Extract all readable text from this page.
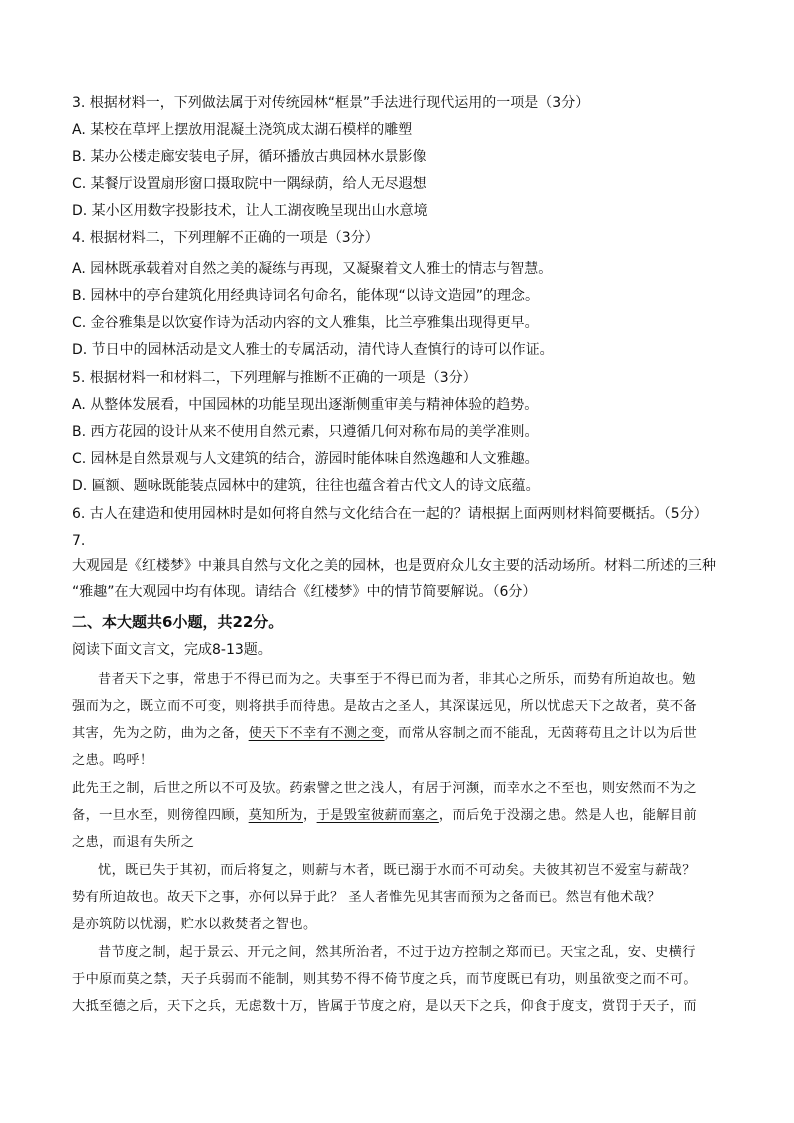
3. 根据材料一，下列做法属于对传统园林“框景”手法进行现代运用的一项是（3分）
A. 某校在草坪上摆放用混凝土浇筑成太湖石模样的雕塑
B. 某办公楼走廊安装电子屏，循环播放古典园林水景影像
C. 某餐厅设置扇形窗口摄取院中一隅绿荫，给人无尽遐想
D. 某小区用数字投影技术，让人工湖夜晚呈现出山水意境
4. 根据材料二，下列理解不正确的一项是（3分）
A. 园林既承载着对自然之美的凝练与再现，又凝聚着文人雅士的情志与智慧。
B. 园林中的亭台建筑化用经典诗词名句命名，能体现“以诗文造园”的理念。
C. 金谷雅集是以饮宴作诗为活动内容的文人雅集，比兰亭雅集出现得更早。
D. 节日中的园林活动是文人雅士的专属活动，清代诗人查慎行的诗可以作证。
5. 根据材料一和材料二，下列理解与推断不正确的一项是（3分）
A. 从整体发展看，中国园林的功能呈现出逐渐侧重审美与精神体验的趋势。
B. 西方花园的设计从来不使用自然元素，只遵循几何对称布局的美学准则。
C. 园林是自然景观与人文建筑的结合，游园时能体味自然逸趣和人文雅趣。
D. 匾额、题咏既能装点园林中的建筑，往往也蕴含着古代文人的诗文底蕴。
6. 古人在建造和使用园林时是如何将自然与文化结合在一起的？请根据上面两则材料简要概括。（5分）
7.
大观园是《红楼梦》中兼具自然与文化之美的园林，也是贾府众儿女主要的活动场所。材料二所述的三种
“雅趣”在大观园中均有体现。请结合《红楼梦》中的情节简要解说。（6分）
二、本大题共6小题，共22分。
阅读下面文言文，完成8-13题。
昔者天下之事，常患于不得已而为之。夫事至于不得已而为者，非其心之所乐，而势有所迫故也。勉
强而为之，既立而不可变，则将拱手而待患。是故古之圣人，其深谋远见，所以忧虑天下之故者，莫不备
其害，先为之防，曲为之备，使天下不幸有不测之变，而常从容制之而不能乱，无茵蒋苟且之计以为后世
之患。呜呼！
此先王之制，后世之所以不可及欤。药索譬之世之浅人，有居于河濒，而幸水之不至也，则安然而不为之
备，一旦水至，则徬徨四顾，莫知所为，于是毁室彼薪而塞之，而后免于没溺之患。然是人也，能解目前
之患，而退有失所之
忧，既已失于其初，而后将复之，则薪与木者，既已溺于水而不可动矣。夫彼其初岂不爱室与薪哉？
势有所迫故也。故天下之事，亦何以异于此？ 圣人者惟先见其害而预为之备而已。然岂有他术哉？
是亦筑防以忧溺，贮水以救焚者之智也。
昔节度之制，起于景云、开元之间，然其所治者，不过于边方控制之郑而已。天宝之乱，安、史横行
于中原而莫之禁，天子兵弱而不能制，则其势不得不倚节度之兵，而节度既已有功，则虽欲变之而不可。
大抵至德之后，天下之兵，无虑数十万，皆属于节度之府，是以天下之兵，仰食于度支，赏罚于天子，而
